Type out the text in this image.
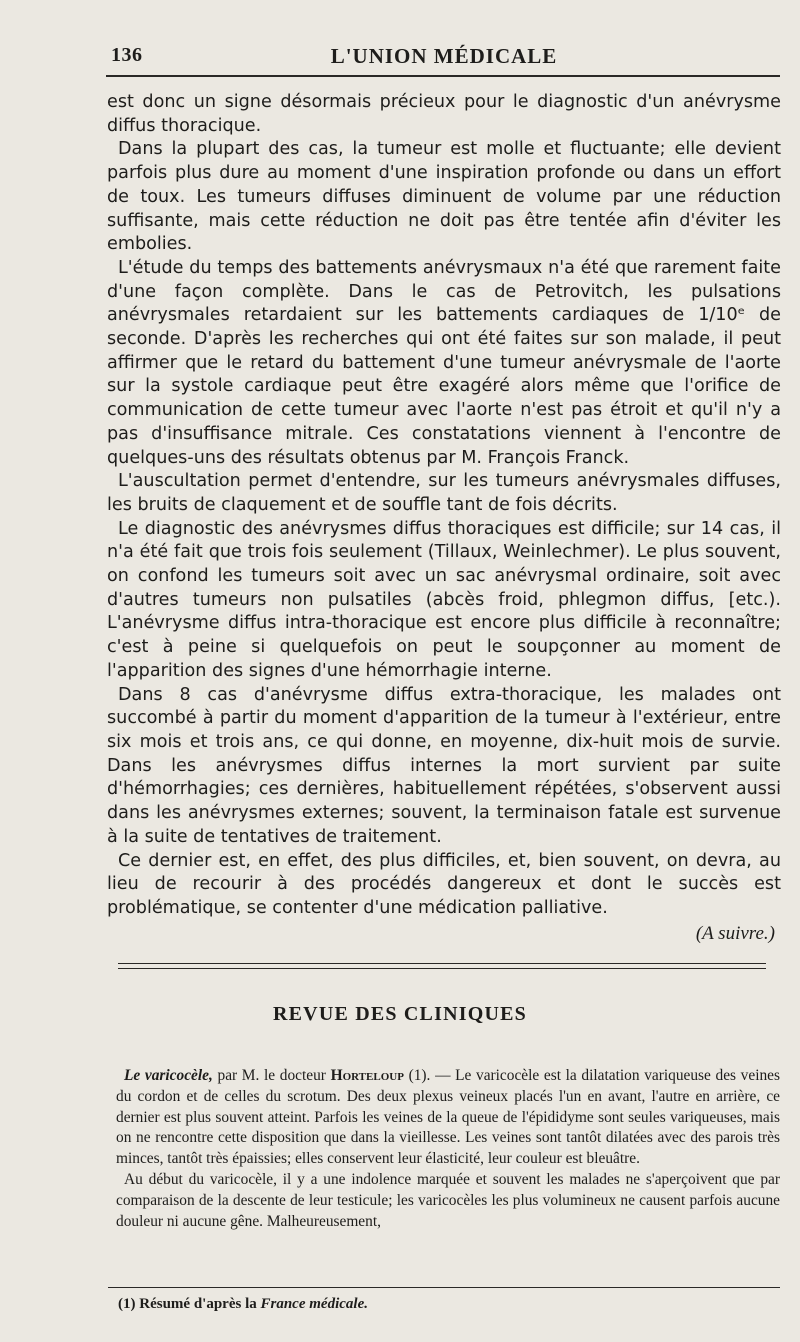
136	L'UNION MÉDICALE

est donc un signe désormais précieux pour le diagnostic d'un anévrysme diffus thoracique.

Dans la plupart des cas, la tumeur est molle et fluctuante; elle devient parfois plus dure au moment d'une inspiration profonde ou dans un effort de toux. Les tumeurs diffuses diminuent de volume par une réduction suffisante, mais cette réduction ne doit pas être tentée afin d'éviter les embolies.

L'étude du temps des battements anévrysmaux n'a été que rarement faite d'une façon complète. Dans le cas de Petrovitch, les pulsations anévrysmales retardaient sur les battements cardiaques de 1/10ᵉ de seconde. D'après les recherches qui ont été faites sur son malade, il peut affirmer que le retard du battement d'une tumeur anévrysmale de l'aorte sur la systole cardiaque peut être exagéré alors même que l'orifice de communication de cette tumeur avec l'aorte n'est pas étroit et qu'il n'y a pas d'insuffisance mitrale. Ces constatations viennent à l'encontre de quelques-uns des résultats obtenus par M. François Franck.

L'auscultation permet d'entendre, sur les tumeurs anévrysmales diffuses, les bruits de claquement et de souffle tant de fois décrits.

Le diagnostic des anévrysmes diffus thoraciques est difficile; sur 14 cas, il n'a été fait que trois fois seulement (Tillaux, Weinlechmer). Le plus souvent, on confond les tumeurs soit avec un sac anévrysmal ordinaire, soit avec d'autres tumeurs non pulsatiles (abcès froid, phlegmon diffus, [etc.). L'anévrysme diffus intra-thoracique est encore plus difficile à reconnaître; c'est à peine si quelquefois on peut le soupçonner au moment de l'apparition des signes d'une hémorrhagie interne.

Dans 8 cas d'anévrysme diffus extra-thoracique, les malades ont succombé à partir du moment d'apparition de la tumeur à l'extérieur, entre six mois et trois ans, ce qui donne, en moyenne, dix-huit mois de survie. Dans les anévrysmes diffus internes la mort survient par suite d'hémorrhagies; ces dernières, habituellement répétées, s'observent aussi dans les anévrysmes externes; souvent, la terminaison fatale est survenue à la suite de tentatives de traitement.

Ce dernier est, en effet, des plus difficiles, et, bien souvent, on devra, au lieu de recourir à des procédés dangereux et dont le succès est problématique, se contenter d'une médication palliative.

(A suivre.)
REVUE DES CLINIQUES

Le varicocèle, par M. le docteur Horteloup (1). — Le varicocèle est la dilatation variqueuse des veines du cordon et de celles du scrotum. Des deux plexus veineux placés l'un en avant, l'autre en arrière, ce dernier est plus souvent atteint. Parfois les veines de la queue de l'épididyme sont seules variqueuses, mais on ne rencontre cette disposition que dans la vieillesse. Les veines sont tantôt dilatées avec des parois très minces, tantôt très épaissies; elles conservent leur élasticité, leur couleur est bleuâtre.

Au début du varicocèle, il y a une indolence marquée et souvent les malades ne s'aperçoivent que par comparaison de la descente de leur testicule; les varicocèles les plus volumineux ne causent parfois aucune douleur ni aucune gêne. Malheureusement,

(1) Résumé d'après la France médicale.
